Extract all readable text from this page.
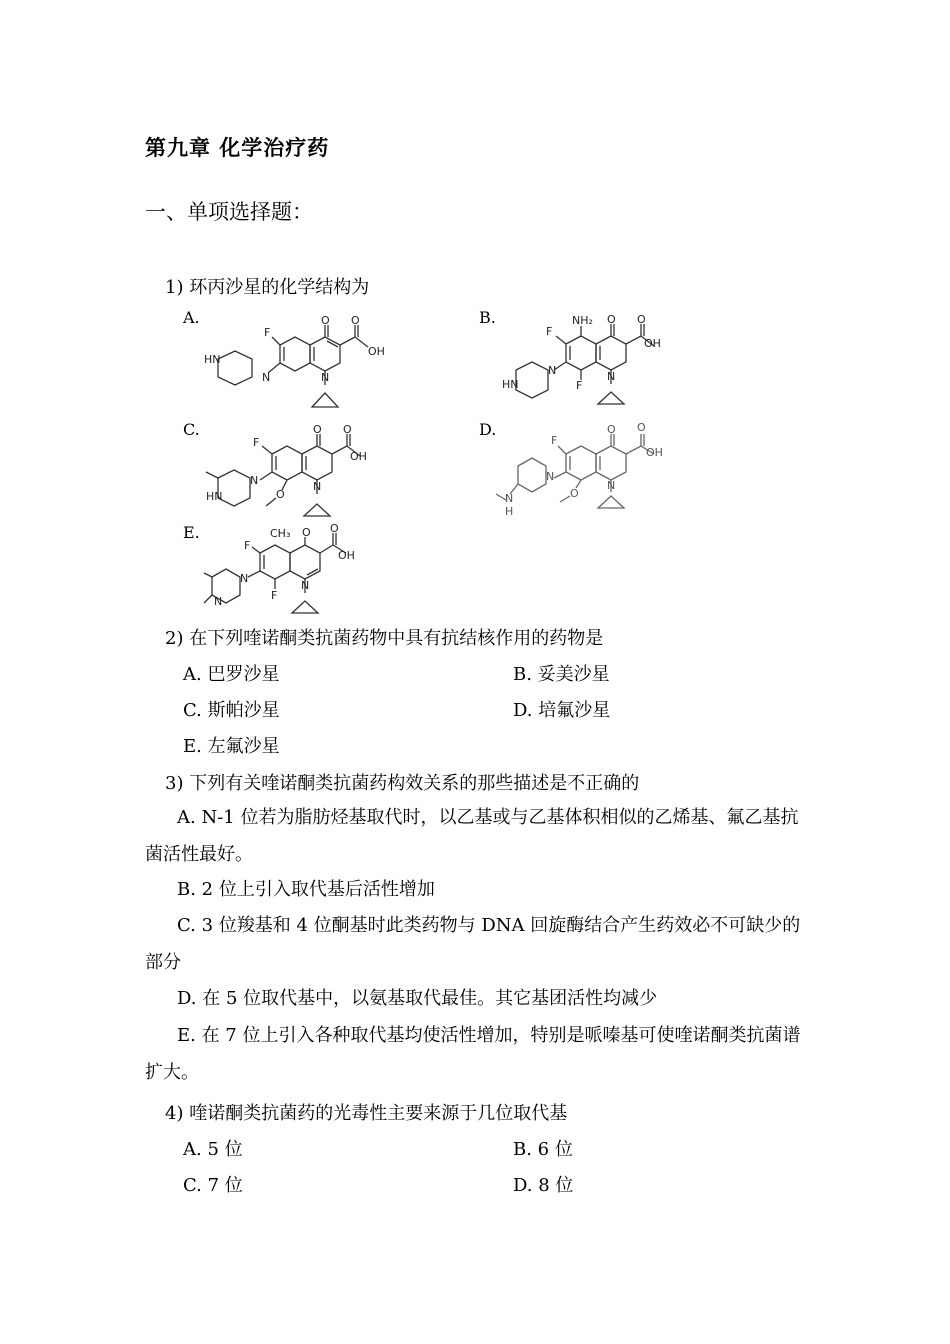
第九章 化学治疗药
一、单项选择题：
1) 环丙沙星的化学结构为
A.	B.
C.	D.
E.
F
O O
OH
N
N
HN
NH₂ O O
OH
F
F
N
N
HN
O O
OH
F
O
N
N
HN
F
O O
OH
O
N
N
N
H
CH₃ O O
OH
F
F
N
N
N
2) 在下列喹诺酮类抗菌药物中具有抗结核作用的药物是
A. 巴罗沙星	B. 妥美沙星
C. 斯帕沙星	D. 培氟沙星
E. 左氟沙星
3) 下列有关喹诺酮类抗菌药构效关系的那些描述是不正确的
A. N-1 位若为脂肪烃基取代时，以乙基或与乙基体积相似的乙烯基、氟乙基抗菌活性最好。
B. 2 位上引入取代基后活性增加
C. 3 位羧基和 4 位酮基时此类药物与 DNA 回旋酶结合产生药效必不可缺少的部分
D. 在 5 位取代基中，以氨基取代最佳。其它基团活性均减少
E. 在 7 位上引入各种取代基均使活性增加，特别是哌嗪基可使喹诺酮类抗菌谱扩大。
4) 喹诺酮类抗菌药的光毒性主要来源于几位取代基
A. 5 位	B. 6 位
C. 7 位	D. 8 位
